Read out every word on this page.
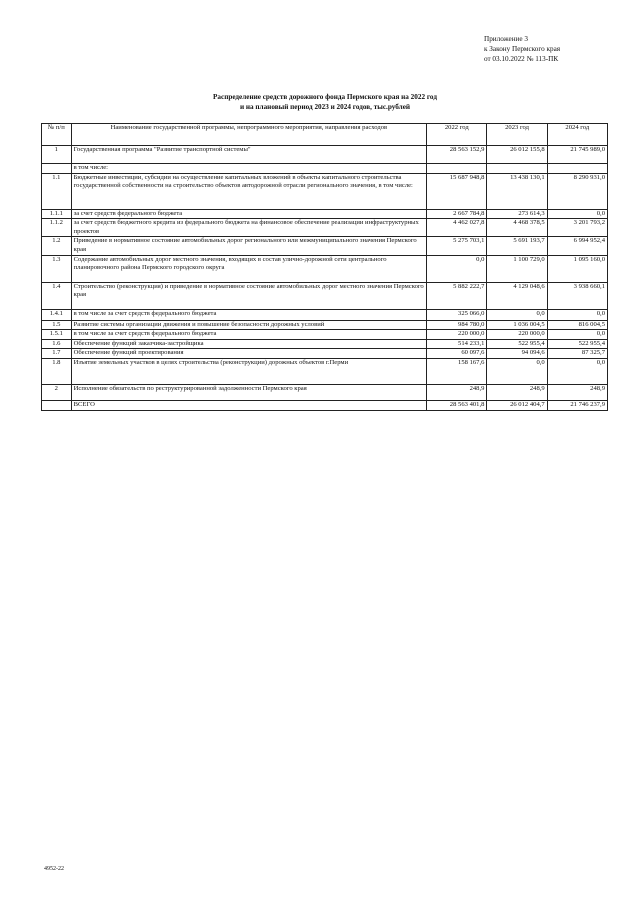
Приложение 3
к Закону Пермского края
от 03.10.2022 № 113-ПК
Распределение средств дорожного фонда Пермского края на 2022 год
и на плановый период 2023 и 2024 годов, тыс.рублей
№ п/п	Наименование государственной программы, непрограммного мероприятия, направления расходов	2022 год	2023 год	2024 год
1	Государственная программа "Развитие транспортной системы"	28 563 152,9	26 012 155,8	21 745 989,0
	в том числе:			
1.1	Бюджетные инвестиции, субсидии на осуществление капитальных вложений в объекты капитального строительства государственной собственности на строительство объектов автодорожной отрасли регионального значения, в том числе:	15 687 948,8	13 438 130,1	8 290 931,0
1.1.1	за счет средств федерального бюджета	2 667 784,8	273 614,3	0,0
1.1.2	за счет средств бюджетного кредита из федерального бюджета на финансовое обеспечение реализации инфраструктурных проектов	4 462 027,8	4 468 378,5	3 201 793,2
1.2	Приведение в нормативное состояние автомобильных дорог регионального или межмуниципального значения Пермского края	5 275 703,1	5 691 193,7	6 994 952,4
1.3	Содержание автомобильных дорог местного значения, входящих в состав улично-дорожной сети центрального планировочного района Пермского городского округа	0,0	1 100 729,0	1 095 160,0
1.4	Строительство (реконструкция) и приведение в нормативное состояние автомобильных дорог местного значения Пермского края	5 882 222,7	4 129 048,6	3 938 660,1
1.4.1	в том числе за счет средств федерального бюджета	325 066,0	0,0	0,0
1.5	Развитие системы организации движения и повышение безопасности дорожных условий	984 780,0	1 036 004,5	816 004,5
1.5.1	в том числе за счет средств федерального бюджета	220 000,0	220 000,0	0,0
1.6	Обеспечение функций заказчика-застройщика	514 233,1	522 955,4	522 955,4
1.7	Обеспечение функций проектирования	60 097,6	94 094,6	87 325,7
1.8	Изъятие земельных участков в целях строительства (реконструкции) дорожных объектов г.Перми	158 167,6	0,0	0,0
2	Исполнение обязательств по реструктурированной задолженности Пермского края	248,9	248,9	248,9
	ВСЕГО	28 563 401,8	26 012 404,7	21 746 237,9
4952-22
